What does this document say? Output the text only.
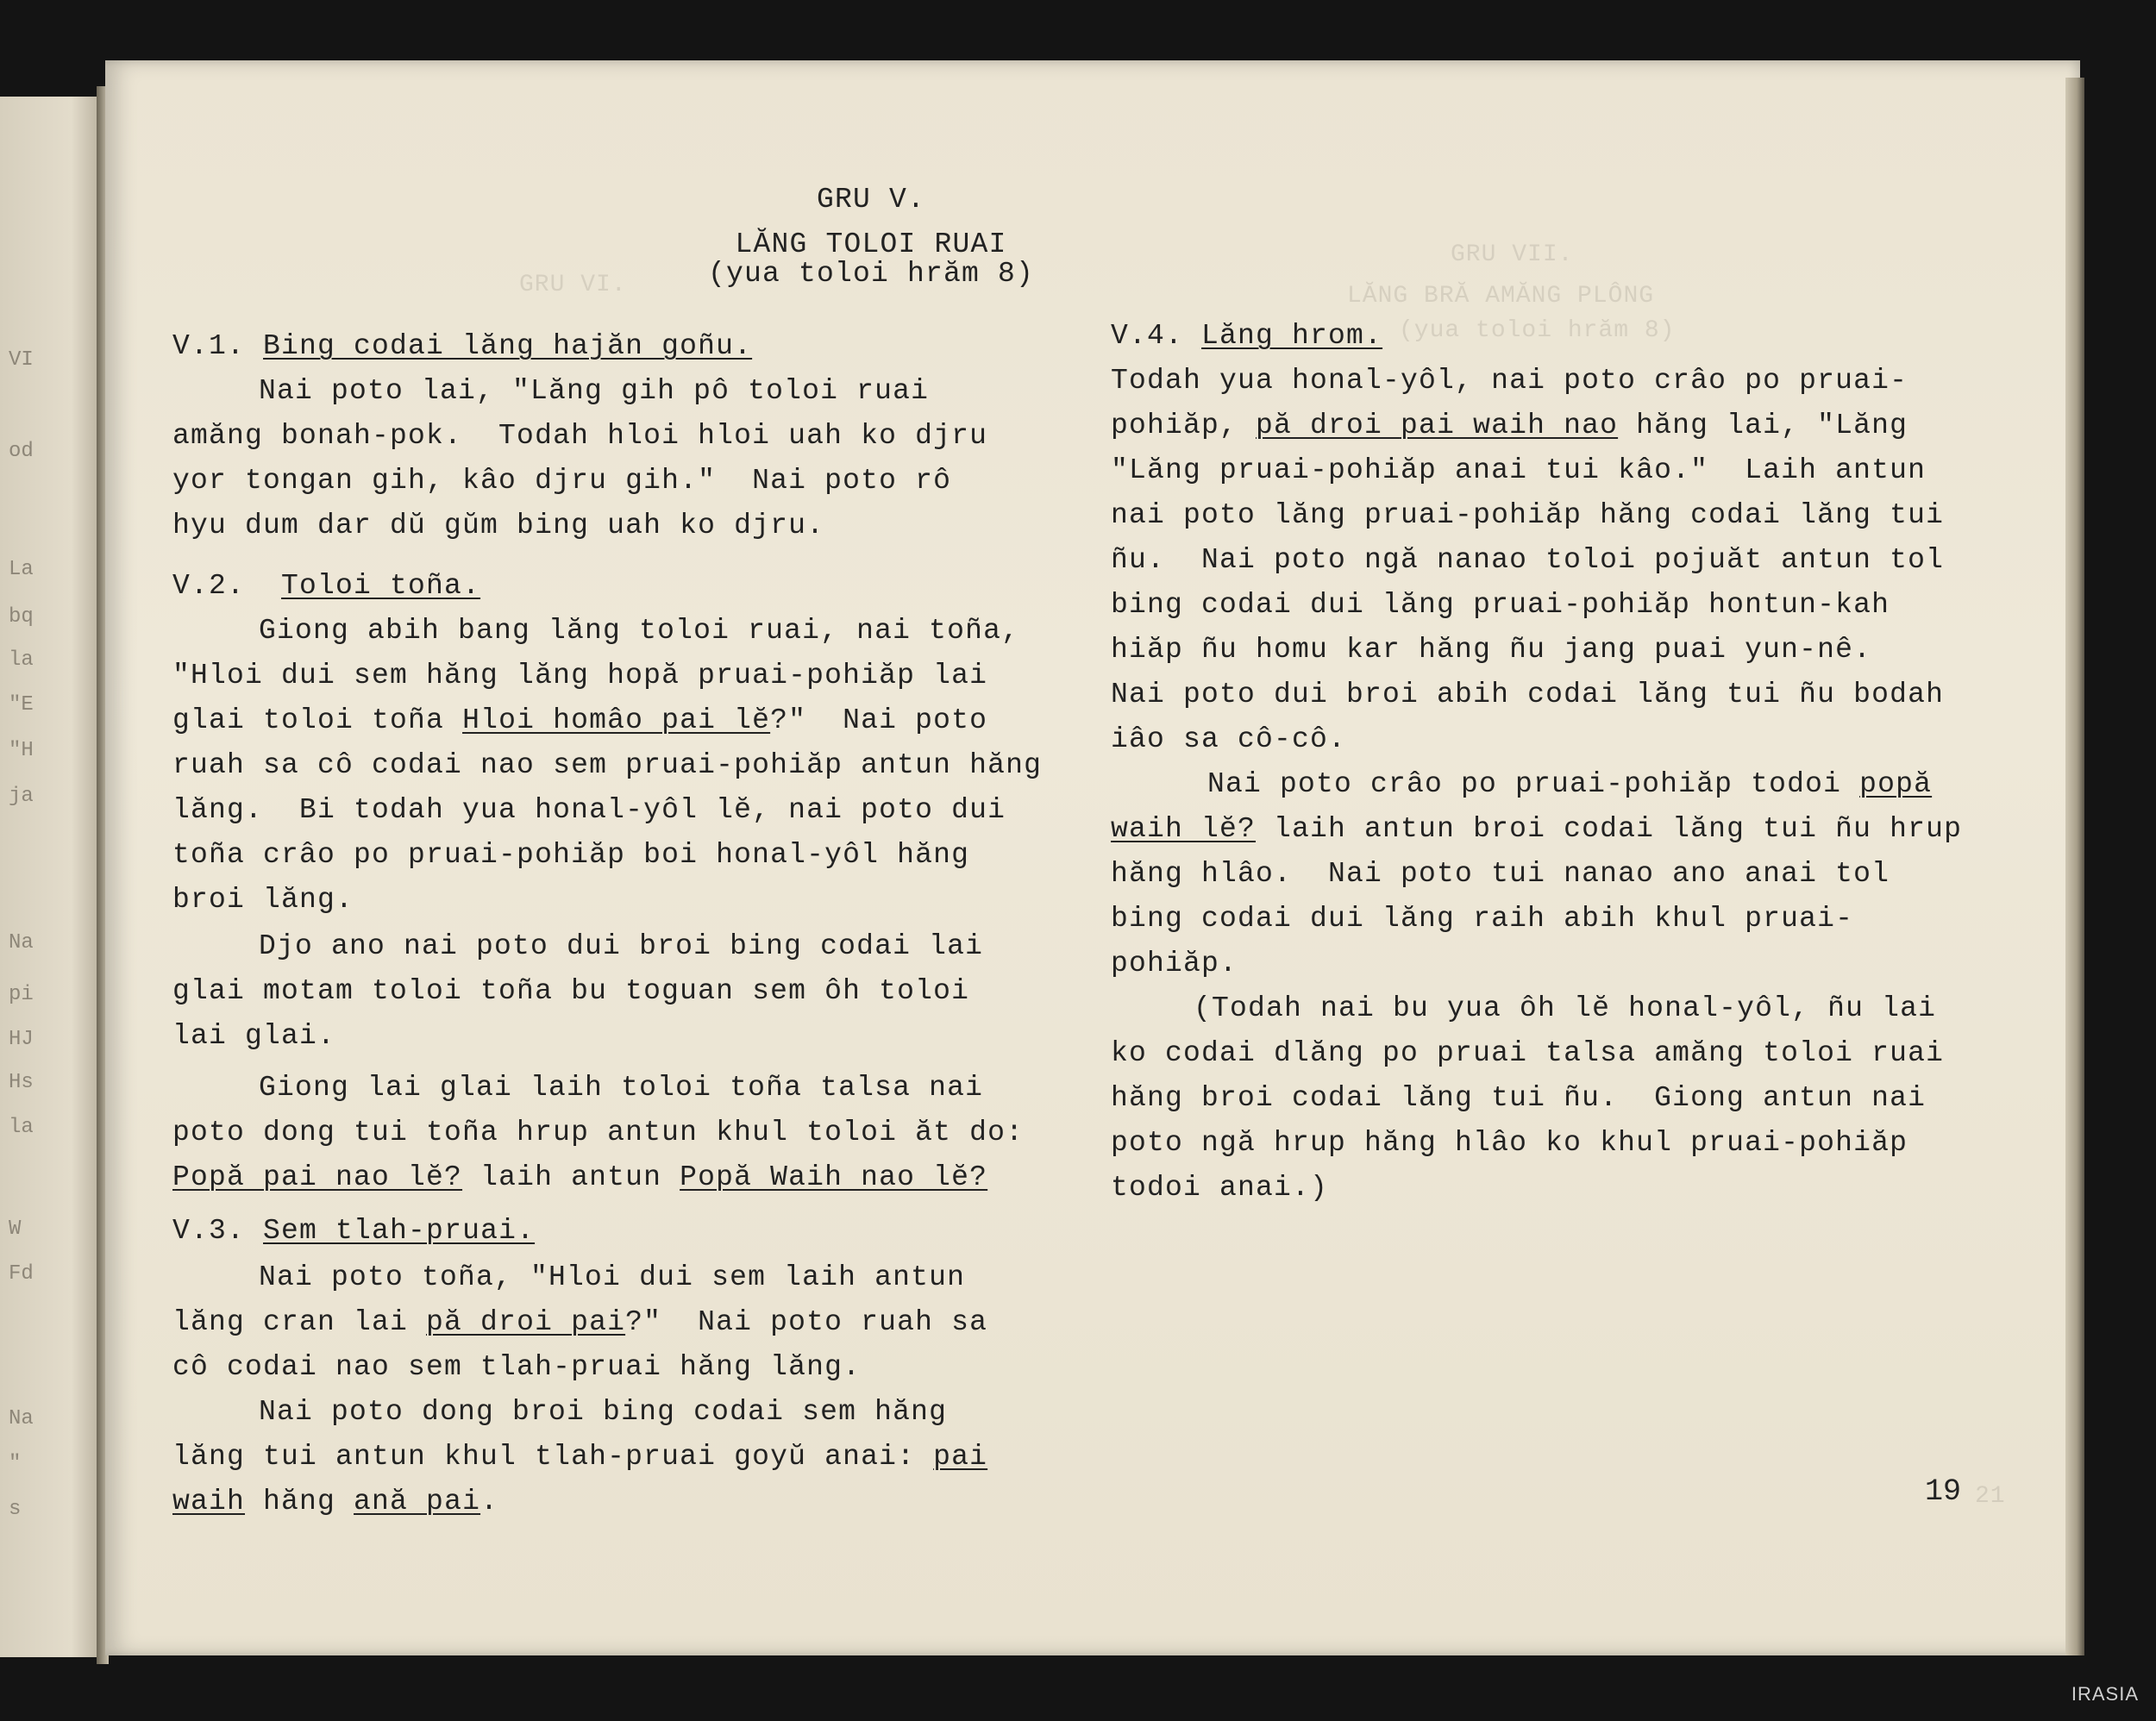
VI
od
La
bq
la
"E
"H
ja
Na
pi
HJ
Hs
la
W
Fd
Na
"
s
GRU VII.
LĂNG BRĂ AMĂNG PLÔNG
(yua toloi hrăm 8)
GRU VI.
21
GRU V.
LĂNG TOLOI RUAI
(yua toloi hrăm 8)
V.1. Bing codai lăng hajăn goñu.
Nai poto lai, "Lăng gih pô toloi ruai
amăng bonah-pok.  Todah hloi hloi uah ko djru
yor tongan gih, kâo djru gih."  Nai poto rô
hyu dum dar dŭ gŭm bing uah ko djru.
V.2. Toloi toña.
Giong abih bang lăng toloi ruai, nai toña,
"Hloi dui sem hăng lăng hopă pruai-pohiăp lai
glai toloi toña Hloi homâo pai lĕ?"  Nai poto
ruah sa cô codai nao sem pruai-pohiăp antun hăng
lăng.  Bi todah yua honal-yôl lĕ, nai poto dui
toña crâo po pruai-pohiăp boi honal-yôl hăng
broi lăng.
Djo ano nai poto dui broi bing codai lai
glai motam toloi toña bu toguan sem ôh toloi
lai glai.
Giong lai glai laih toloi toña talsa nai
poto dong tui toña hrup antun khul toloi ăt do:
Popă pai nao lĕ? laih antun Popă Waih nao lĕ?
V.3. Sem tlah-pruai.
Nai poto toña, "Hloi dui sem laih antun
lăng cran lai pă droi pai?"  Nai poto ruah sa
cô codai nao sem tlah-pruai hăng lăng.
Nai poto dong broi bing codai sem hăng
lăng tui antun khul tlah-pruai goyŭ anai: pai
waih hăng ană pai.
V.4. Lăng hrom.
Todah yua honal-yôl, nai poto crâo po pruai-
pohiăp, pă droi pai waih nao hăng lai, "Lăng
"Lăng pruai-pohiăp anai tui kâo."  Laih antun
nai poto lăng pruai-pohiăp hăng codai lăng tui
ñu.  Nai poto ngă nanao toloi pojuăt antun tol
bing codai dui lăng pruai-pohiăp hontun-kah
hiăp ñu homu kar hăng ñu jang puai yun-nê.
Nai poto dui broi abih codai lăng tui ñu bodah
iâo sa cô-cô.
Nai poto crâo po pruai-pohiăp todoi popă
waih lĕ? laih antun broi codai lăng tui ñu hrup
hăng hlâo.  Nai poto tui nanao ano anai tol
bing codai dui lăng raih abih khul pruai-
pohiăp.
(Todah nai bu yua ôh lĕ honal-yôl, ñu lai
ko codai dlăng po pruai talsa amăng toloi ruai
hăng broi codai lăng tui ñu.  Giong antun nai
poto ngă hrup hăng hlâo ko khul pruai-pohiăp
todoi anai.)
19
IRASIA
